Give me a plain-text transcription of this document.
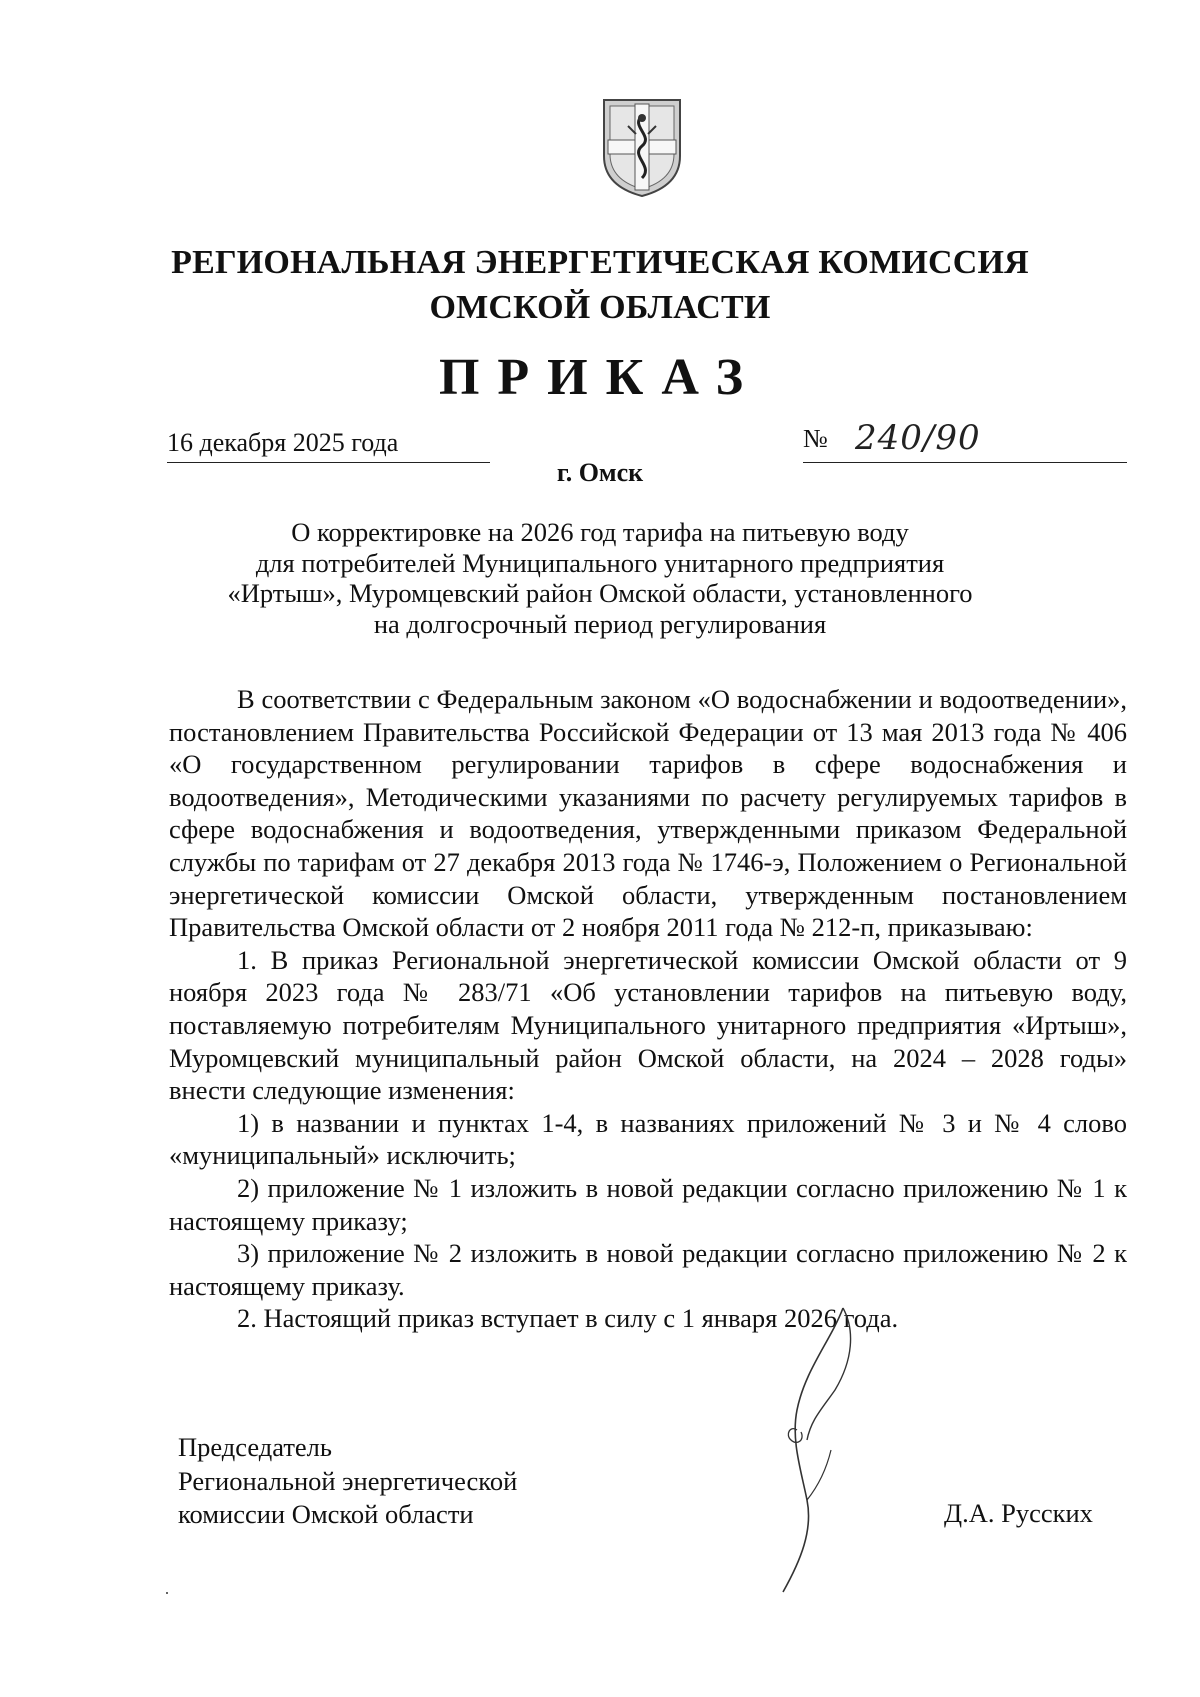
РЕГИОНАЛЬНАЯ ЭНЕРГЕТИЧЕСКАЯ КОМИССИЯ
ОМСКОЙ ОБЛАСТИ
ПРИКАЗ
16 декабря 2025 года	№ 240/90
г. Омск
О корректировке на 2026 год тарифа на питьевую воду
для потребителей Муниципального унитарного предприятия
«Иртыш», Муромцевский район Омской области, установленного
на долгосрочный период регулирования

В соответствии с Федеральным законом «О водоснабжении и водоотведении», постановлением Правительства Российской Федерации от 13 мая 2013 года № 406 «О государственном регулировании тарифов в сфере водоснабжения и водоотведения», Методическими указаниями по расчету регулируемых тарифов в сфере водоснабжения и водоотведения, утвержденными приказом Федеральной службы по тарифам от 27 декабря 2013 года № 1746-э, Положением о Региональной энергетической комиссии Омской области, утвержденным постановлением Правительства Омской области от 2 ноября 2011 года № 212-п, приказываю:

1. В приказ Региональной энергетической комиссии Омской области от 9 ноября 2023 года № 283/71 «Об установлении тарифов на питьевую воду, поставляемую потребителям Муниципального унитарного предприятия «Иртыш», Муромцевский муниципальный район Омской области, на 2024 – 2028 годы» внести следующие изменения:

1) в названии и пунктах 1-4, в названиях приложений № 3 и № 4 слово «муниципальный» исключить;

2) приложение № 1 изложить в новой редакции согласно приложению № 1 к настоящему приказу;

3) приложение № 2 изложить в новой редакции согласно приложению № 2 к настоящему приказу.

2. Настоящий приказ вступает в силу с 1 января 2026 года.

Председатель
Региональной энергетической
комиссии Омской области	Д.А. Русских
